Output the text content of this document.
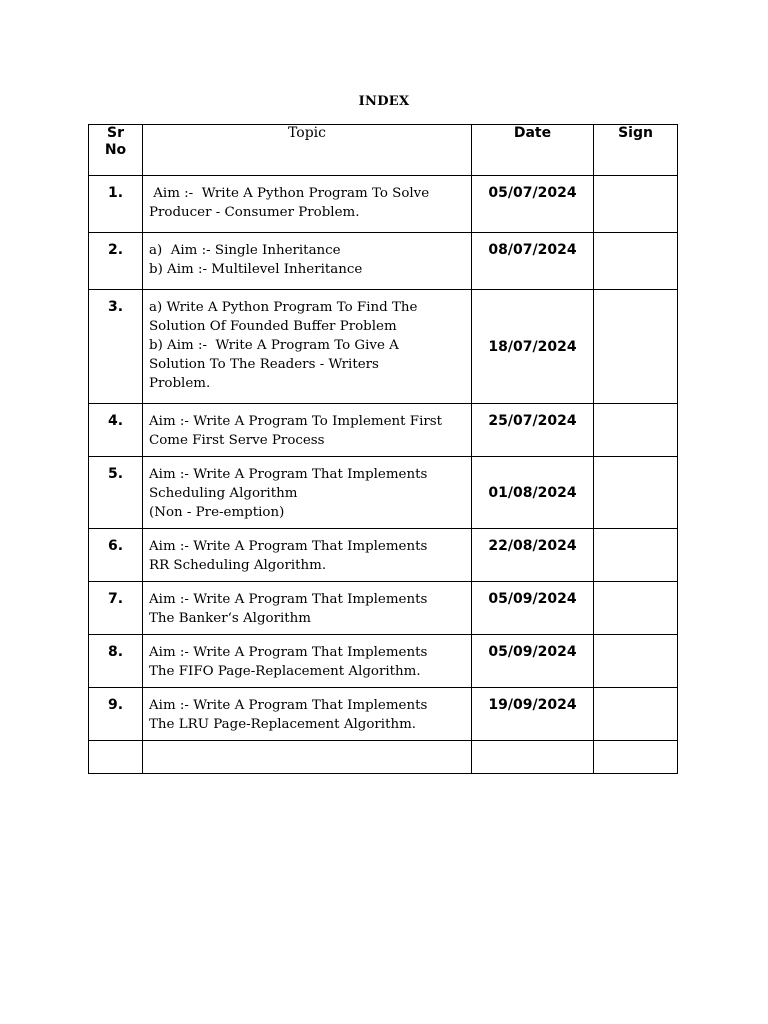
INDEX
Sr
No	Topic	Date	Sign
1.	Aim :-  Write A Python Program To Solve
Producer - Consumer Problem.	05/07/2024	
2.	a)  Aim :- Single Inheritance
b) Aim :- Multilevel Inheritance	08/07/2024	
3.	a) Write A Python Program To Find The
Solution Of Founded Buffer Problem
b) Aim :-  Write A Program To Give A
Solution To The Readers - Writers
Problem.	18/07/2024	
4.	Aim :- Write A Program To Implement First
Come First Serve Process	25/07/2024	
5.	Aim :- Write A Program That Implements
Scheduling Algorithm
(Non - Pre-emption)	01/08/2024	
6.	Aim :- Write A Program That Implements
RR Scheduling Algorithm.	22/08/2024	
7.	Aim :- Write A Program That Implements
The Banker‘s Algorithm	05/09/2024	
8.	Aim :- Write A Program That Implements
The FIFO Page-Replacement Algorithm.	05/09/2024	
9.	Aim :- Write A Program That Implements
The LRU Page-Replacement Algorithm.	19/09/2024	
